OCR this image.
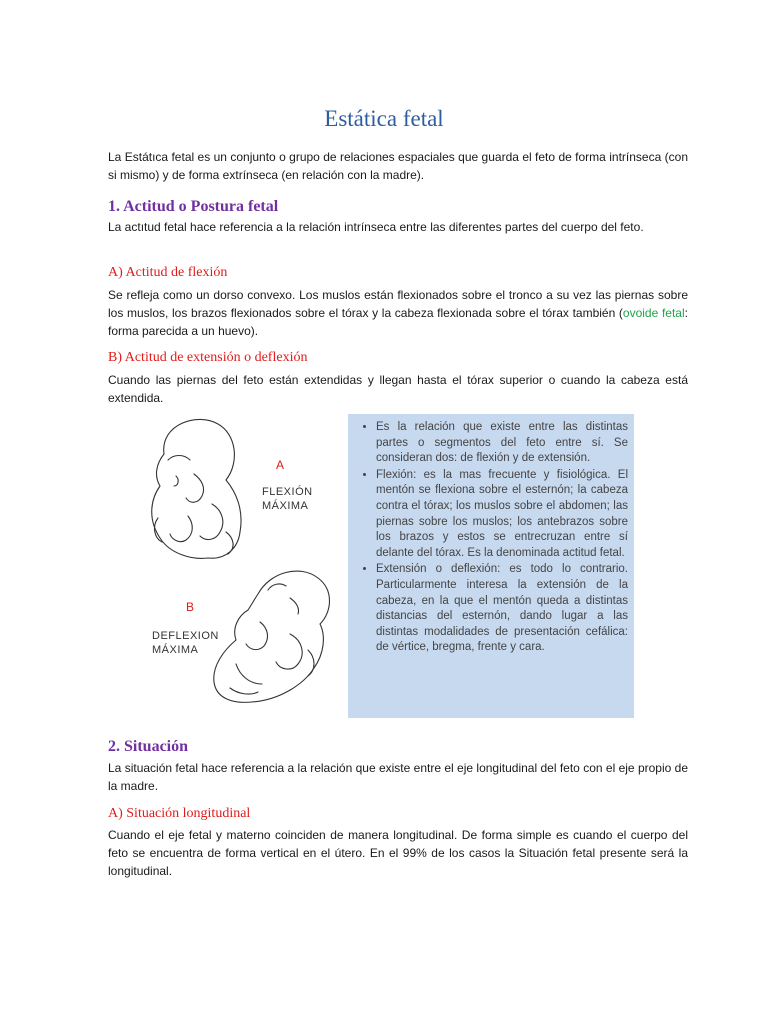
Estática fetal

La Estátıca fetal es un conjunto o grupo de relaciones espaciales que guarda el feto de forma intrínseca (con si mismo) y de forma extrínseca (en relación con la madre).

1. Actitud o Postura fetal

La actıtud fetal hace referencia a la relación intrínseca entre las diferentes partes del cuerpo del feto.

A) Actitud de flexión

Se refleja como un dorso convexo. Los muslos están flexionados sobre el tronco a su vez las piernas sobre los muslos, los brazos flexionados sobre el tórax y la cabeza flexionada sobre el tórax también (ovoide fetal: forma parecida a un huevo).

B) Actitud de extensión o deflexión

Cuando las piernas del feto están extendidas y llegan hasta el tórax superior o cuando la cabeza está extendida.

A
FLEXIÓN
MÁXIMA
B
DEFLEXION
MÁXIMA
• Es la relación que existe entre las distintas partes o segmentos del feto entre sí. Se consideran dos: de flexión y de extensión.
• Flexión: es la mas frecuente y fisiológica. El mentón se flexiona sobre el esternón; la cabeza contra el tórax; los muslos sobre el abdomen; las piernas sobre los muslos; los antebrazos sobre los brazos y estos se entrecruzan entre sí delante del tórax. Es la denominada actitud fetal.
• Extensión o deflexión: es todo lo contrario. Particularmente interesa la extensión de la cabeza, en la que el mentón queda a distintas distancias del esternón, dando lugar a las distintas modalidades de presentación cefálica: de vértice, bregma, frente y cara.
2. Situación

La situación fetal hace referencia a la relación que existe entre el eje longitudinal del feto con el eje propio de la madre.

A) Situación longitudinal

Cuando el eje fetal y materno coinciden de manera longitudinal. De forma simple es cuando el cuerpo del feto se encuentra de forma vertical en el útero. En el 99% de los casos la Situación fetal presente será la longitudinal.
